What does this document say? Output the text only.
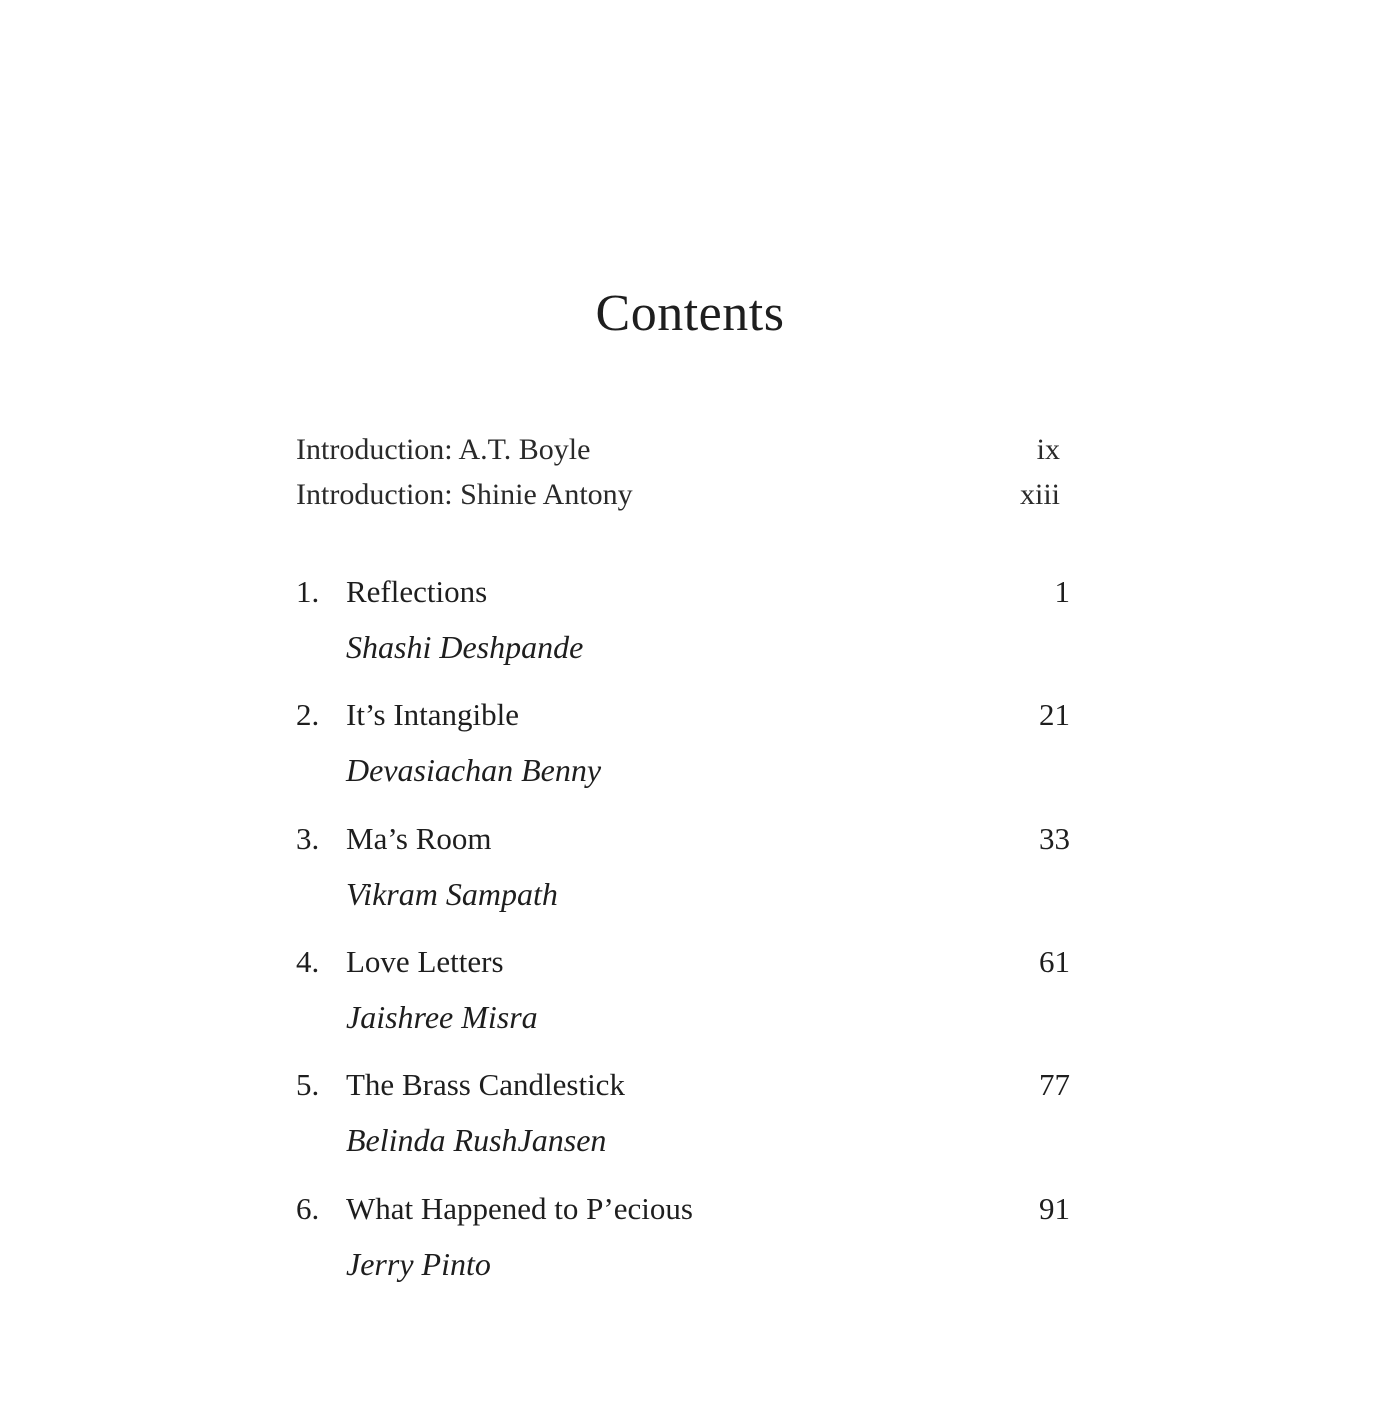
Contents
Introduction: A.T. Boyle	ix
Introduction: Shinie Antony	xiii
1. Reflections	1
Shashi Deshpande
2. It’s Intangible	21
Devasiachan Benny
3. Ma’s Room	33
Vikram Sampath
4. Love Letters	61
Jaishree Misra
5. The Brass Candlestick	77
Belinda RushJansen
6. What Happened to P’ecious	91
Jerry Pinto
